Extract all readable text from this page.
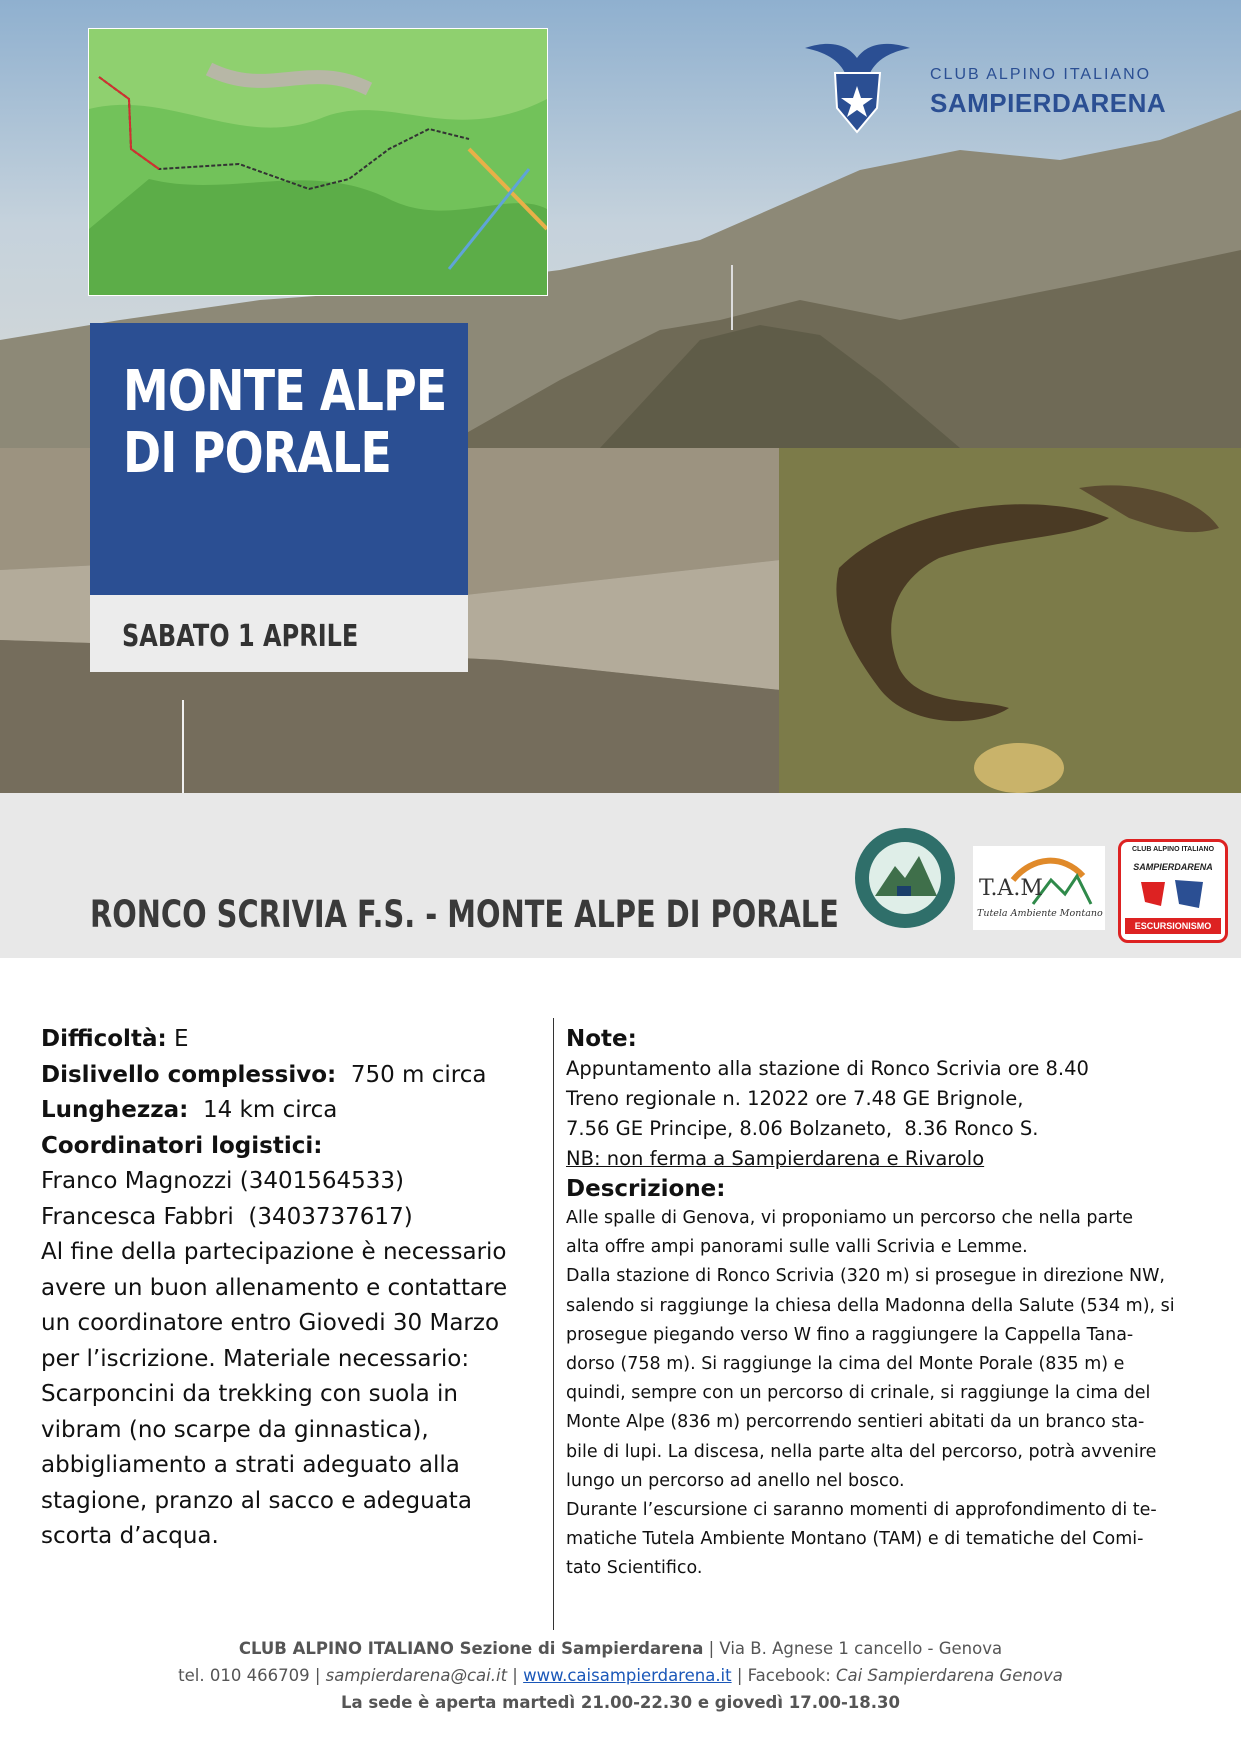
CLUB ALPINO ITALIANO
SAMPIERDARENA
MONTE ALPE
DI PORALE
SABATO 1 APRILE
RONCO SCRIVIA F.S. - MONTE ALPE DI PORALE
T.A.M
Tutela Ambiente Montano
CLUB ALPINO ITALIANO
SAMPIERDARENA
ESCURSIONISMO
Difficoltà: E
Dislivello complessivo:  750 m circa
Lunghezza:  14 km circa
Coordinatori logistici:
Franco Magnozzi (3401564533)
Francesca Fabbri  (3403737617)
Al fine della partecipazione è necessario avere un buon allenamento e contattare un coordinatore entro Giovedi 30 Marzo per l’iscrizione. Materiale necessario: Scarponcini da trekking con suola in vibram (no scarpe da ginnastica), abbigliamento a strati adeguato alla stagione, pranzo al sacco e adeguata scorta d’acqua.
Note:
Appuntamento alla stazione di Ronco Scrivia ore 8.40
Treno regionale n. 12022 ore 7.48 GE Brignole,
7.56 GE Principe, 8.06 Bolzaneto,  8.36 Ronco S.
NB: non ferma a Sampierdarena e Rivarolo
Descrizione:
Alle spalle di Genova, vi proponiamo un percorso che nella parte
alta offre ampi panorami sulle valli Scrivia e Lemme.
Dalla stazione di Ronco Scrivia (320 m) si prosegue in direzione NW,
salendo si raggiunge la chiesa della Madonna della Salute (534 m), si
prosegue piegando verso W fino a raggiungere la Cappella Tana-
dorso (758 m). Si raggiunge la cima del Monte Porale (835 m) e
quindi, sempre con un percorso di crinale, si raggiunge la cima del
Monte Alpe (836 m) percorrendo sentieri abitati da un branco sta-
bile di lupi. La discesa, nella parte alta del percorso, potrà avvenire
lungo un percorso ad anello nel bosco.
Durante l’escursione ci saranno momenti di approfondimento di te-
matiche Tutela Ambiente Montano (TAM) e di tematiche del Comi-
tato Scientifico.
CLUB ALPINO ITALIANO Sezione di Sampierdarena | Via B. Agnese 1 cancello - Genova
tel. 010 466709 | sampierdarena@cai.it | www.caisampierdarena.it | Facebook: Cai Sampierdarena Genova
La sede è aperta martedì 21.00-22.30 e giovedì 17.00-18.30
